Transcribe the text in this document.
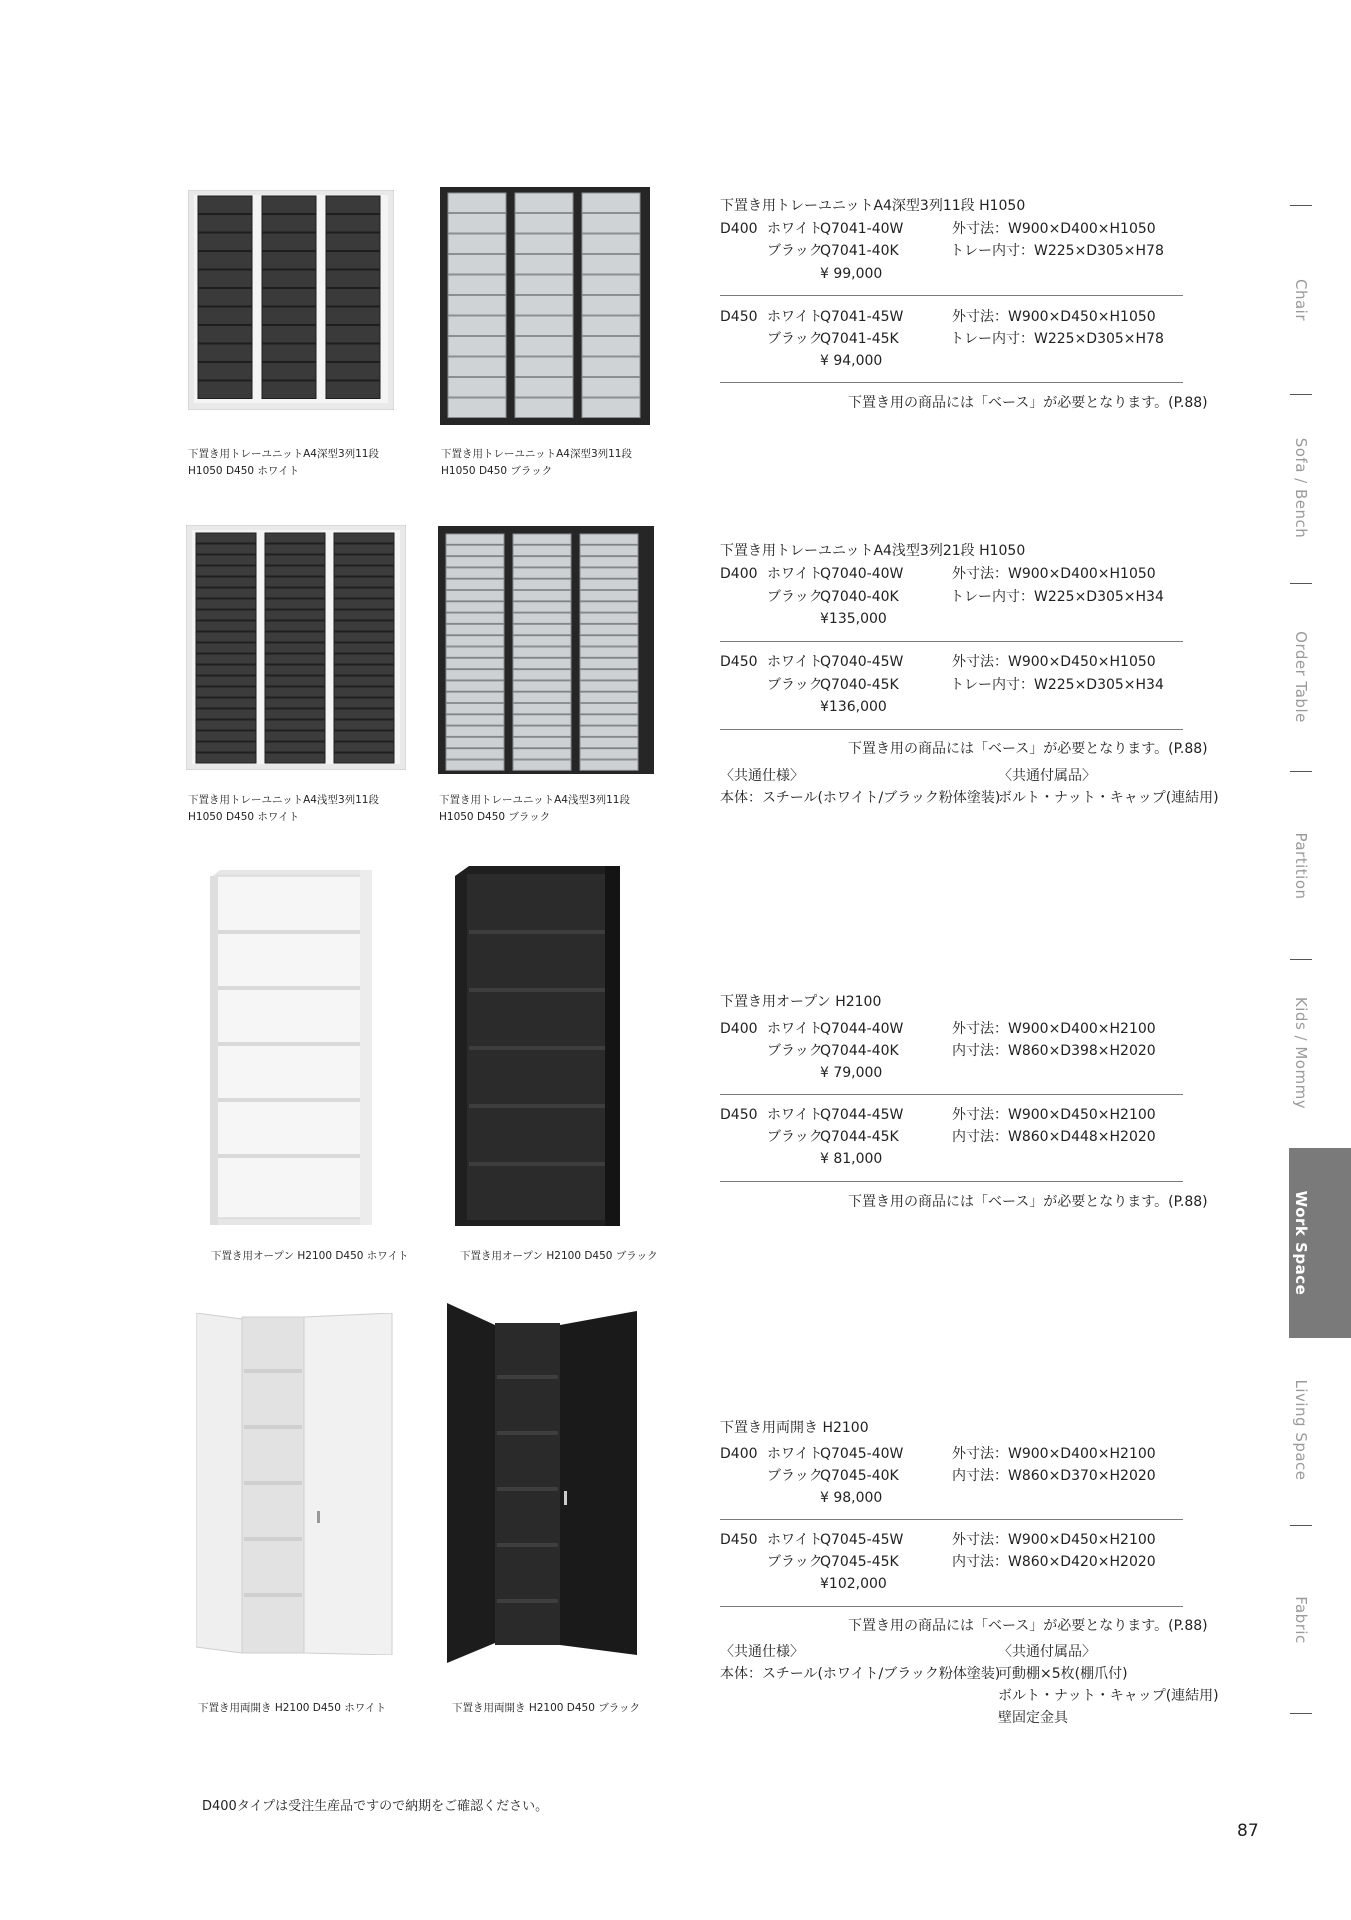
下置き用トレーユニットA4深型3列11段
H1050 D450 ホワイト
下置き用トレーユニットA4深型3列11段
H1050 D450 ブラック
下置き用トレーユニットA4浅型3列11段
H1050 D450 ホワイト
下置き用トレーユニットA4浅型3列11段
H1050 D450 ブラック
下置き用オープン H2100 D450 ホワイト	下置き用オープン H2100 D450 ブラック
下置き用両開き H2100 D450 ホワイト	下置き用両開き H2100 D450 ブラック
下置き用トレーユニットA4深型3列11段 H1050
D400 ホワイト
Q7041-40W
ブラック
Q7041-40K
¥ 99,000
外寸法：W900×D400×H1050
トレー内寸：W225×D305×H78
D450 ホワイト
Q7041-45W
ブラック
Q7041-45K
¥ 94,000
外寸法：W900×D450×H1050
トレー内寸：W225×D305×H78
下置き用の商品には「ベース」が必要となります。(P.88)
下置き用トレーユニットA4浅型3列21段 H1050
D400 ホワイト
Q7040-40W
ブラック
Q7040-40K
¥135,000
外寸法：W900×D400×H1050
トレー内寸：W225×D305×H34
D450 ホワイト
Q7040-45W
ブラック
Q7040-45K
¥136,000
外寸法：W900×D450×H1050
トレー内寸：W225×D305×H34
下置き用の商品には「ベース」が必要となります。(P.88)
〈共通仕様〉
本体：スチール(ホワイト/ブラック粉体塗装)
〈共通付属品〉
ボルト・ナット・キャップ(連結用)
下置き用オープン H2100
D400 ホワイト
Q7044-40W
ブラック
Q7044-40K
¥ 79,000
外寸法：W900×D400×H2100
内寸法：W860×D398×H2020
D450 ホワイト
Q7044-45W
ブラック
Q7044-45K
¥ 81,000
外寸法：W900×D450×H2100
内寸法：W860×D448×H2020
下置き用の商品には「ベース」が必要となります。(P.88)
下置き用両開き H2100
D400 ホワイト
Q7045-40W
ブラック
Q7045-40K
¥ 98,000
外寸法：W900×D400×H2100
内寸法：W860×D370×H2020
D450 ホワイト
Q7045-45W
ブラック
Q7045-45K
¥102,000
外寸法：W900×D450×H2100
内寸法：W860×D420×H2020
下置き用の商品には「ベース」が必要となります。(P.88)
〈共通仕様〉
本体：スチール(ホワイト/ブラック粉体塗装)
〈共通付属品〉
可動棚×5枚(棚爪付)
ボルト・ナット・キャップ(連結用)
壁固定金具
D400タイプは受注生産品ですので納期をご確認ください。
87
Chair
Sofa / Bench
Order Table
Partition
Kids / Mommy
Work Space
Living Space
Fabric
